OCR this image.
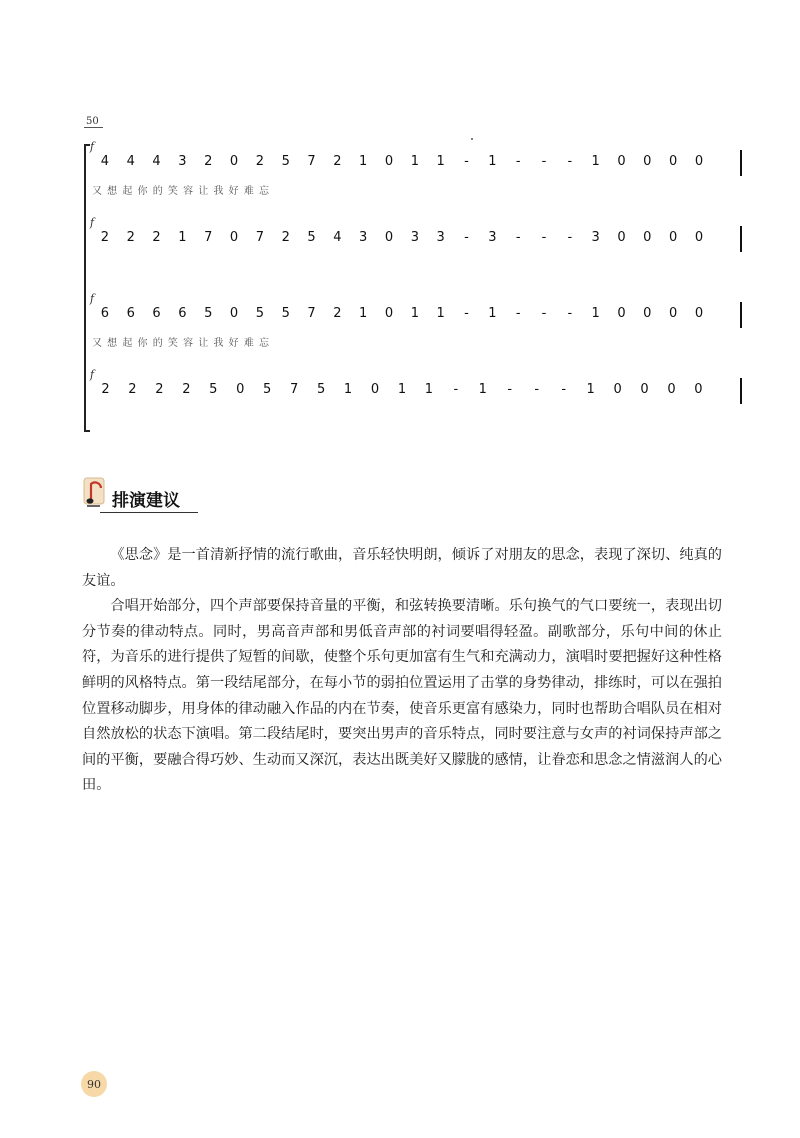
50
f
4	4	4	3	2	0	2	5	7	2	1	0	1	1	-	1	-	-	-	1	0	0	0	0
又 想 起 你 的 笑 容 让 我 好 难 忘
f
2	2	2	1	7	0	7	2	5	4	3	0	3	3	-	3	-	-	-	3	0	0	0	0
f
6	6	6	6	5	0	5	5	7	2	1	0	1	1	-	1	-	-	-	1	0	0	0	0
又 想 起 你 的 笑 容 让 我 好 难 忘
f
2	2	2	2	5	0	5	7	5	1	0	1	1	-	1	-	-	-	1	0	0	0	0
排演建议

《思念》是一首清新抒情的流行歌曲，音乐轻快明朗，倾诉了对朋友的思念，表现了深切、纯真的友谊。

合唱开始部分，四个声部要保持音量的平衡，和弦转换要清晰。乐句换气的气口要统一，表现出切分节奏的律动特点。同时，男高音声部和男低音声部的衬词要唱得轻盈。副歌部分，乐句中间的休止符，为音乐的进行提供了短暂的间歇，使整个乐句更加富有生气和充满动力，演唱时要把握好这种性格鲜明的风格特点。第一段结尾部分，在每小节的弱拍位置运用了击掌的身势律动，排练时，可以在强拍位置移动脚步，用身体的律动融入作品的内在节奏，使音乐更富有感染力，同时也帮助合唱队员在相对自然放松的状态下演唱。第二段结尾时，要突出男声的音乐特点，同时要注意与女声的衬词保持声部之间的平衡，要融合得巧妙、生动而又深沉，表达出既美好又朦胧的感情，让眷恋和思念之情滋润人的心田。

90
